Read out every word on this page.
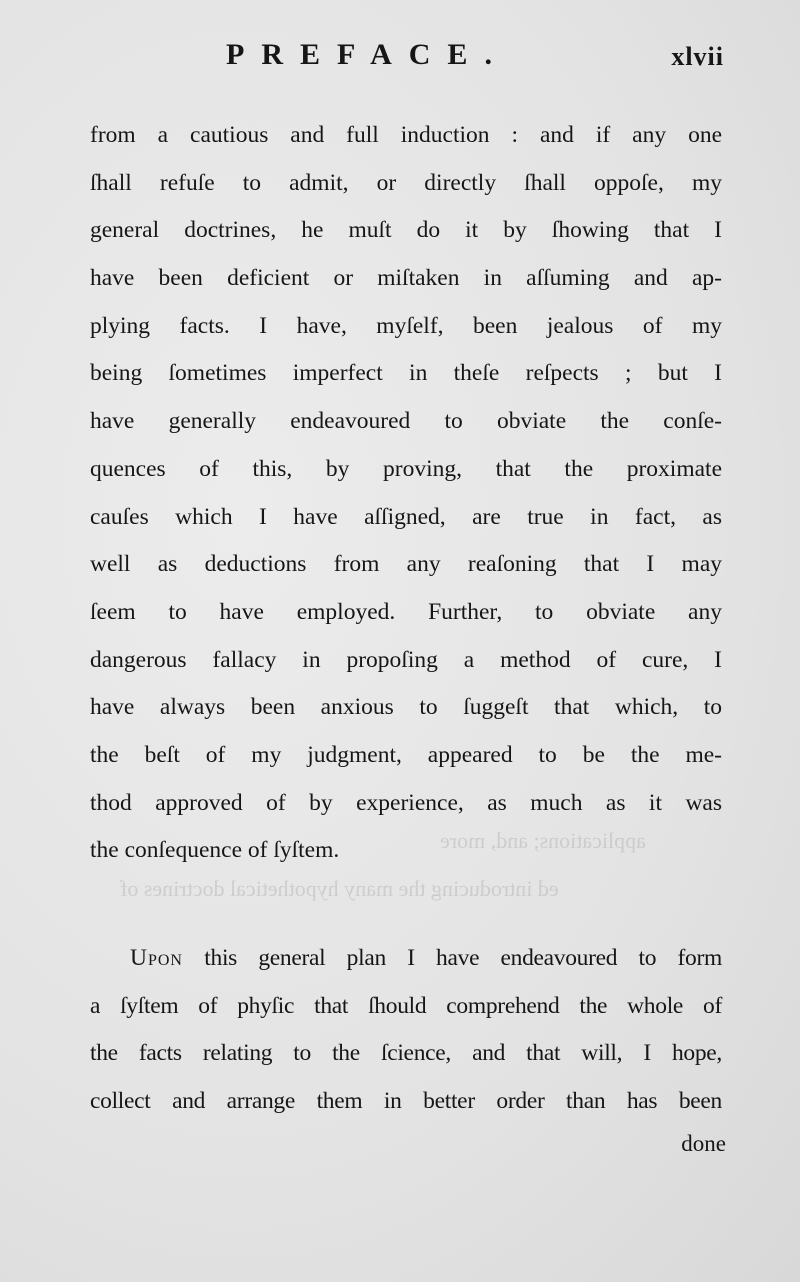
applications; and, more
ed introducing the many hypothetical doctrines of
PREFACE.	xlvii
from a cautious and full induction : and if any one
ſhall refuſe to admit, or directly ſhall oppoſe, my
general doctrines, he muſt do it by ſhowing that I
have been deficient or miſtaken in aſſuming and ap-
plying facts. I have, myſelf, been jealous of my
being ſometimes imperfect in theſe reſpects ; but I
have generally endeavoured to obviate the conſe-
quences of this, by proving, that the proximate
cauſes which I have aſſigned, are true in fact, as
well as deductions from any reaſoning that I may
ſeem to have employed. Further, to obviate any
dangerous fallacy in propoſing a method of cure, I
have always been anxious to ſuggeſt that which, to
the beſt of my judgment, appeared to be the me-
thod approved of by experience, as much as it was
the conſequence of ſyſtem.
Upon this general plan I have endeavoured to form
a ſyſtem of phyſic that ſhould comprehend the whole of
the facts relating to the ſcience, and that will, I hope,
collect and arrange them in better order than has been
done
